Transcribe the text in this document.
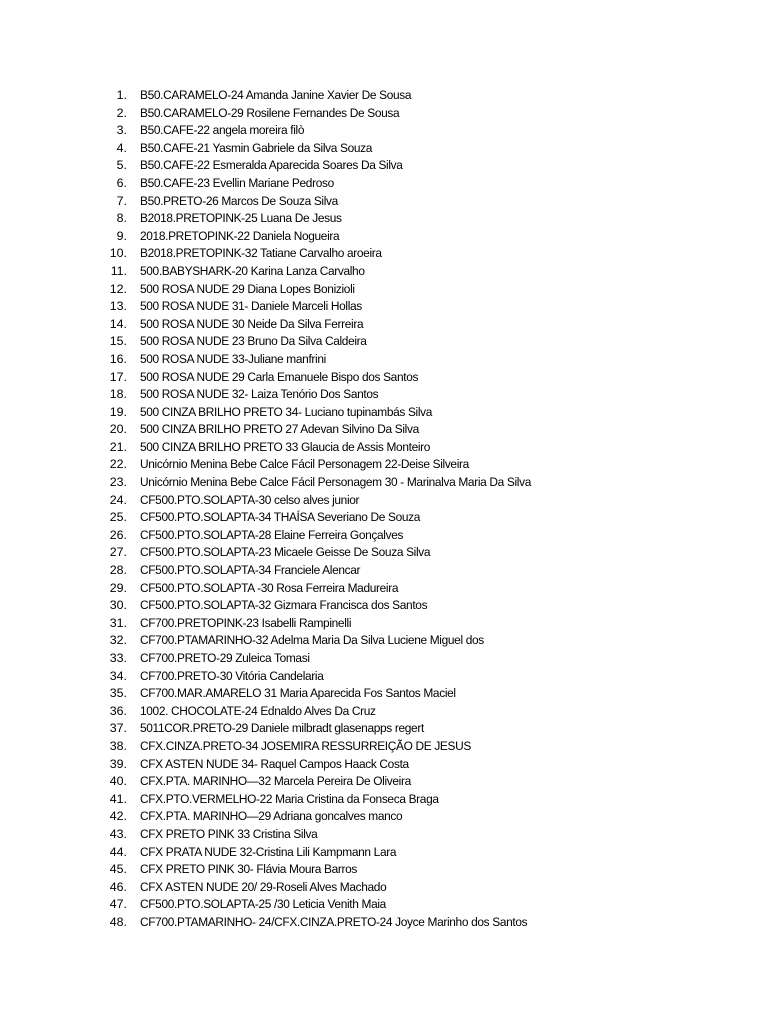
1. B50.CARAMELO-24 Amanda Janine Xavier De Sousa
2. B50.CARAMELO-29 Rosilene Fernandes De Sousa
3. B50.CAFE-22 angela moreira filò
4. B50.CAFE-21 Yasmin Gabriele da Silva Souza
5. B50.CAFE-22 Esmeralda Aparecida Soares Da Silva
6. B50.CAFE-23 Evellin Mariane Pedroso
7. B50.PRETO-26 Marcos De Souza Silva
8. B2018.PRETOPINK-25 Luana De Jesus
9. 2018.PRETOPINK-22 Daniela Nogueira
10. B2018.PRETOPINK-32 Tatiane Carvalho aroeira
11. 500.BABYSHARK-20 Karina Lanza Carvalho
12. 500 ROSA NUDE 29 Diana Lopes Bonizioli
13. 500 ROSA NUDE 31- Daniele Marceli Hollas
14. 500 ROSA NUDE 30 Neide Da Silva Ferreira
15. 500 ROSA NUDE 23 Bruno Da Silva Caldeira
16. 500 ROSA NUDE 33-Juliane manfrini
17. 500 ROSA NUDE 29 Carla Emanuele Bispo dos Santos
18. 500 ROSA NUDE 32- Laiza Tenório Dos Santos
19. 500 CINZA BRILHO PRETO 34- Luciano tupinambás Silva
20. 500 CINZA BRILHO PRETO 27 Adevan Silvino Da Silva
21. 500 CINZA BRILHO PRETO 33 Glaucia de Assis Monteiro
22. Unicórnio Menina Bebe Calce Fácil Personagem 22-Deise Silveira
23. Unicórnio Menina Bebe Calce Fácil Personagem 30 - Marinalva Maria Da Silva
24. CF500.PTO.SOLAPTA-30 celso alves junior
25. CF500.PTO.SOLAPTA-34 THAÍSA Severiano De Souza
26. CF500.PTO.SOLAPTA-28 Elaine Ferreira Gonçalves
27. CF500.PTO.SOLAPTA-23 Micaele Geisse De Souza Silva
28. CF500.PTO.SOLAPTA-34 Franciele Alencar
29. CF500.PTO.SOLAPTA -30 Rosa Ferreira Madureira
30. CF500.PTO.SOLAPTA-32 Gizmara Francisca dos Santos
31. CF700.PRETOPINK-23 Isabelli Rampinelli
32. CF700.PTAMARINHO-32 Adelma Maria Da Silva Luciene Miguel dos
33. CF700.PRETO-29 Zuleica Tomasi
34. CF700.PRETO-30 Vitória Candelaria
35. CF700.MAR.AMARELO 31 Maria Aparecida Fos Santos Maciel
36. 1002. CHOCOLATE-24 Ednaldo Alves Da Cruz
37. 5011COR.PRETO-29 Daniele milbradt glasenapps regert
38. CFX.CINZA.PRETO-34 JOSEMIRA RESSURREIÇÃO DE JESUS
39. CFX ASTEN NUDE 34- Raquel Campos Haack Costa
40. CFX.PTA. MARINHO—32 Marcela Pereira De Oliveira
41. CFX.PTO.VERMELHO-22 Maria Cristina da Fonseca Braga
42. CFX.PTA. MARINHO—29 Adriana goncalves manco
43. CFX PRETO PINK 33 Cristina Silva
44. CFX PRATA NUDE 32-Cristina Lili Kampmann Lara
45. CFX PRETO PINK 30- Flávia Moura Barros
46. CFX ASTEN NUDE 20/ 29-Roseli Alves Machado
47. CF500.PTO.SOLAPTA-25 /30 Leticia Venith Maia
48. CF700.PTAMARINHO- 24/CFX.CINZA.PRETO-24 Joyce Marinho dos Santos
